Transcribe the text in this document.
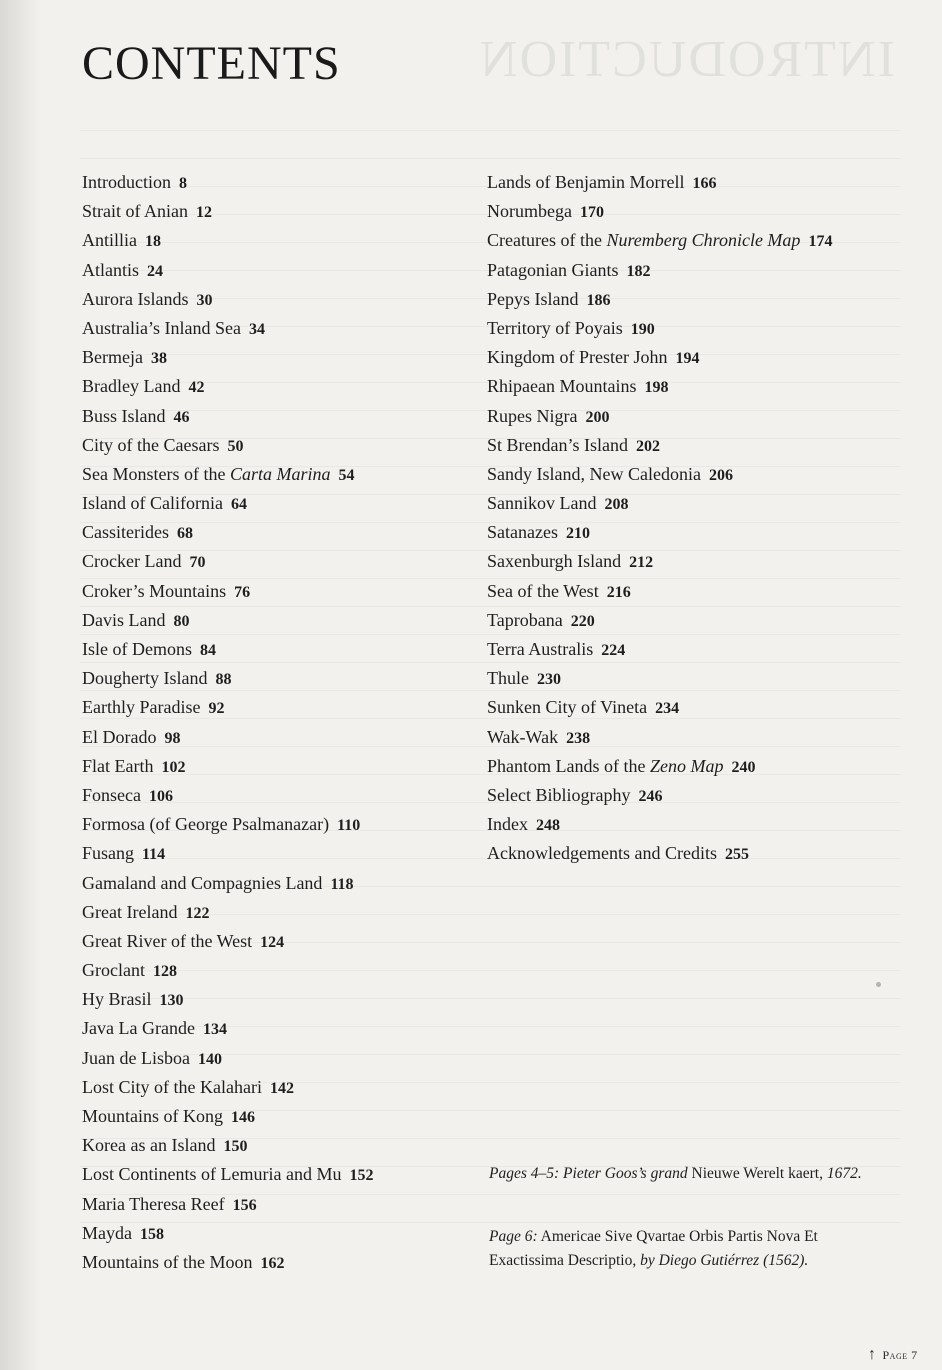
INTRODUCTION
CONTENTS
Introduction 8
Strait of Anian 12
Antillia 18
Atlantis 24
Aurora Islands 30
Australia’s Inland Sea 34
Bermeja 38
Bradley Land 42
Buss Island 46
City of the Caesars 50
Sea Monsters of the Carta Marina 54
Island of California 64
Cassiterides 68
Crocker Land 70
Croker’s Mountains 76
Davis Land 80
Isle of Demons 84
Dougherty Island 88
Earthly Paradise 92
El Dorado 98
Flat Earth 102
Fonseca 106
Formosa (of George Psalmanazar) 110
Fusang 114
Gamaland and Compagnies Land 118
Great Ireland 122
Great River of the West 124
Groclant 128
Hy Brasil 130
Java La Grande 134
Juan de Lisboa 140
Lost City of the Kalahari 142
Mountains of Kong 146
Korea as an Island 150
Lost Continents of Lemuria and Mu 152
Maria Theresa Reef 156
Mayda 158
Mountains of the Moon 162
Lands of Benjamin Morrell 166
Norumbega 170
Creatures of the Nuremberg Chronicle Map 174
Patagonian Giants 182
Pepys Island 186
Territory of Poyais 190
Kingdom of Prester John 194
Rhipaean Mountains 198
Rupes Nigra 200
St Brendan’s Island 202
Sandy Island, New Caledonia 206
Sannikov Land 208
Satanazes 210
Saxenburgh Island 212
Sea of the West 216
Taprobana 220
Terra Australis 224
Thule 230
Sunken City of Vineta 234
Wak-Wak 238
Phantom Lands of the Zeno Map 240
Select Bibliography 246
Index 248
Acknowledgements and Credits 255

Pages 4–5: Pieter Goos’s grand Nieuwe Werelt kaert, 1672.

Page 6: Americae Sive Qvartae Orbis Partis Nova Et Exactissima Descriptio, by Diego Gutiérrez (1562).

↑ Page 7
